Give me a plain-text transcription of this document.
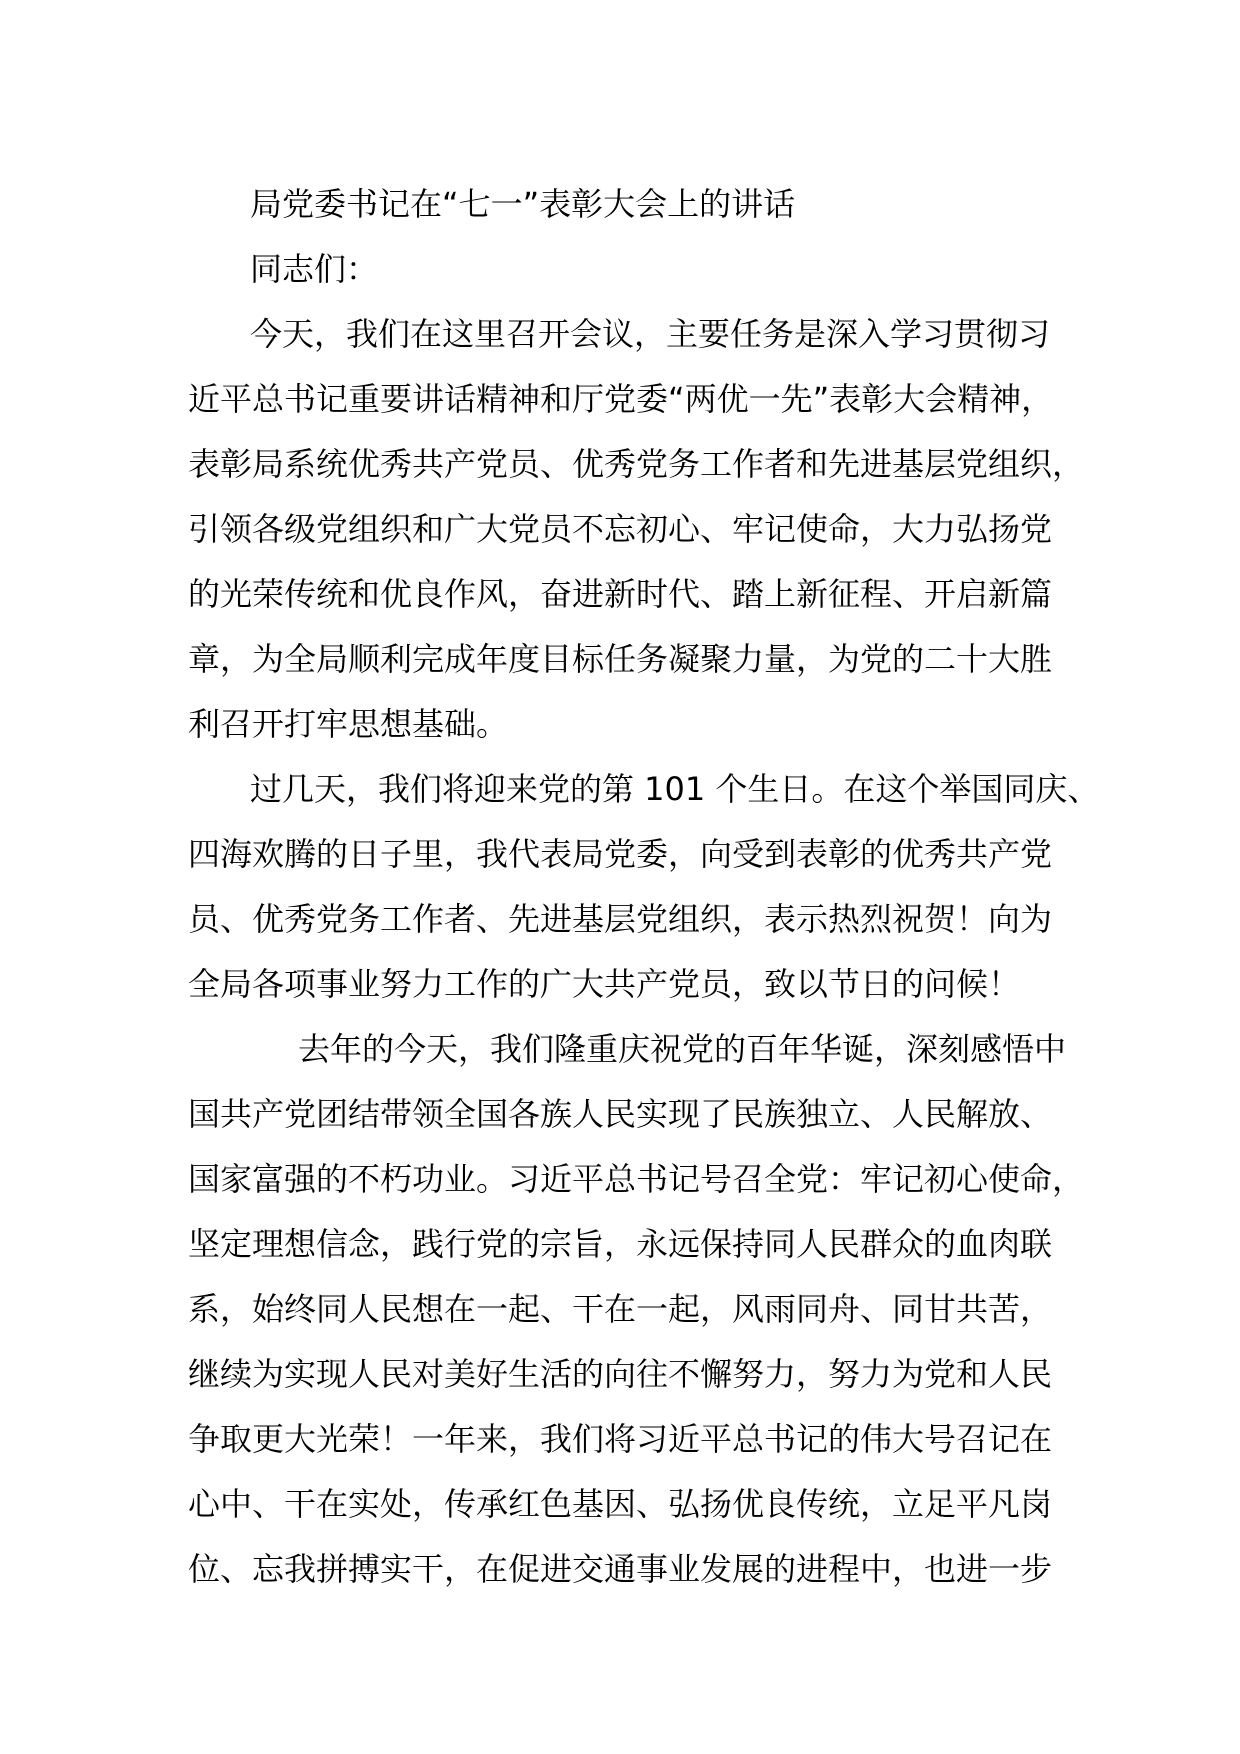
局党委书记在“七一”表彰大会上的讲话
同志们：
今天，我们在这里召开会议，主要任务是深入学习贯彻习
近平总书记重要讲话精神和厅党委“两优一先”表彰大会精神，
表彰局系统优秀共产党员、优秀党务工作者和先进基层党组织，
引领各级党组织和广大党员不忘初心、牢记使命，大力弘扬党
的光荣传统和优良作风，奋进新时代、踏上新征程、开启新篇
章，为全局顺利完成年度目标任务凝聚力量，为党的二十大胜
利召开打牢思想基础。
过几天，我们将迎来党的第 101 个生日。在这个举国同庆、
四海欢腾的日子里，我代表局党委，向受到表彰的优秀共产党
员、优秀党务工作者、先进基层党组织，表示热烈祝贺！向为
全局各项事业努力工作的广大共产党员，致以节日的问候！
去年的今天，我们隆重庆祝党的百年华诞，深刻感悟中
国共产党团结带领全国各族人民实现了民族独立、人民解放、
国家富强的不朽功业。习近平总书记号召全党：牢记初心使命，
坚定理想信念，践行党的宗旨，永远保持同人民群众的血肉联
系，始终同人民想在一起、干在一起，风雨同舟、同甘共苦，
继续为实现人民对美好生活的向往不懈努力，努力为党和人民
争取更大光荣！一年来，我们将习近平总书记的伟大号召记在
心中、干在实处，传承红色基因、弘扬优良传统，立足平凡岗
位、忘我拼搏实干，在促进交通事业发展的进程中，也进一步
